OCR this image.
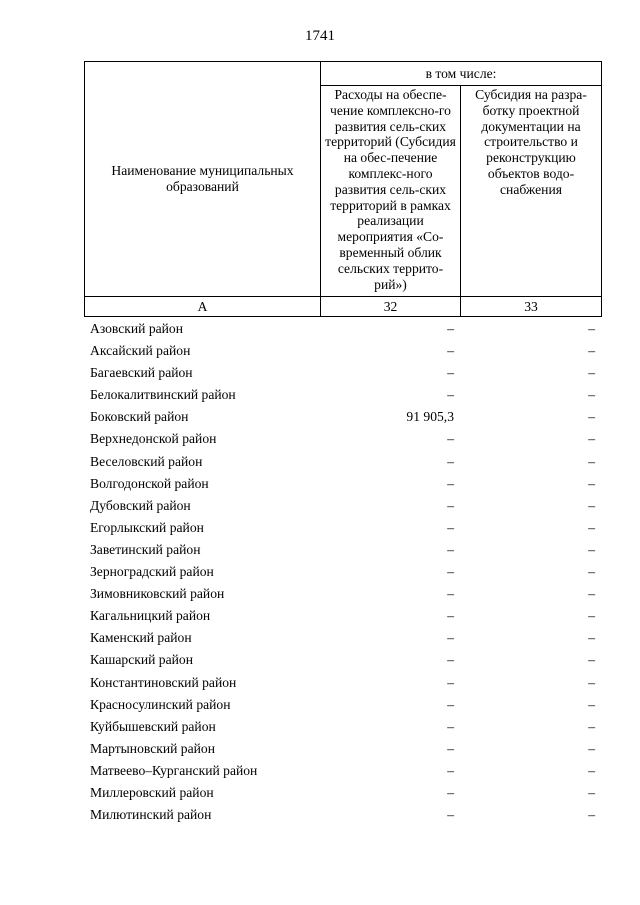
1741
Наименование муниципальных образований	в том числе:	

	Расходы на обеспе-чение комплексно-го развития сель-ских территорий (Субсидия на обес-печение комплекс-ного развития сель-ских территорий в рамках реализации мероприятия «Со-временный облик сельских террито-рий»)	Субсидия на разра-ботку проектной документации на строительство и реконструкцию объектов водо-снабжения

А	32	33
Азовский район	–	–
Аксайский район	–	–
Багаевский район	–	–
Белокалитвинский район	–	–
Боковский район	91 905,3	–
Верхнедонской район	–	–
Веселовский район	–	–
Волгодонской район	–	–
Дубовский район	–	–
Егорлыкский район	–	–
Заветинский район	–	–
Зерноградский район	–	–
Зимовниковский район	–	–
Кагальницкий район	–	–
Каменский район	–	–
Кашарский район	–	–
Константиновский район	–	–
Красносулинский район	–	–
Куйбышевский район	–	–
Мартыновский район	–	–
Матвеево–Курганский район	–	–
Миллеровский район	–	–
Милютинский район	–	–
